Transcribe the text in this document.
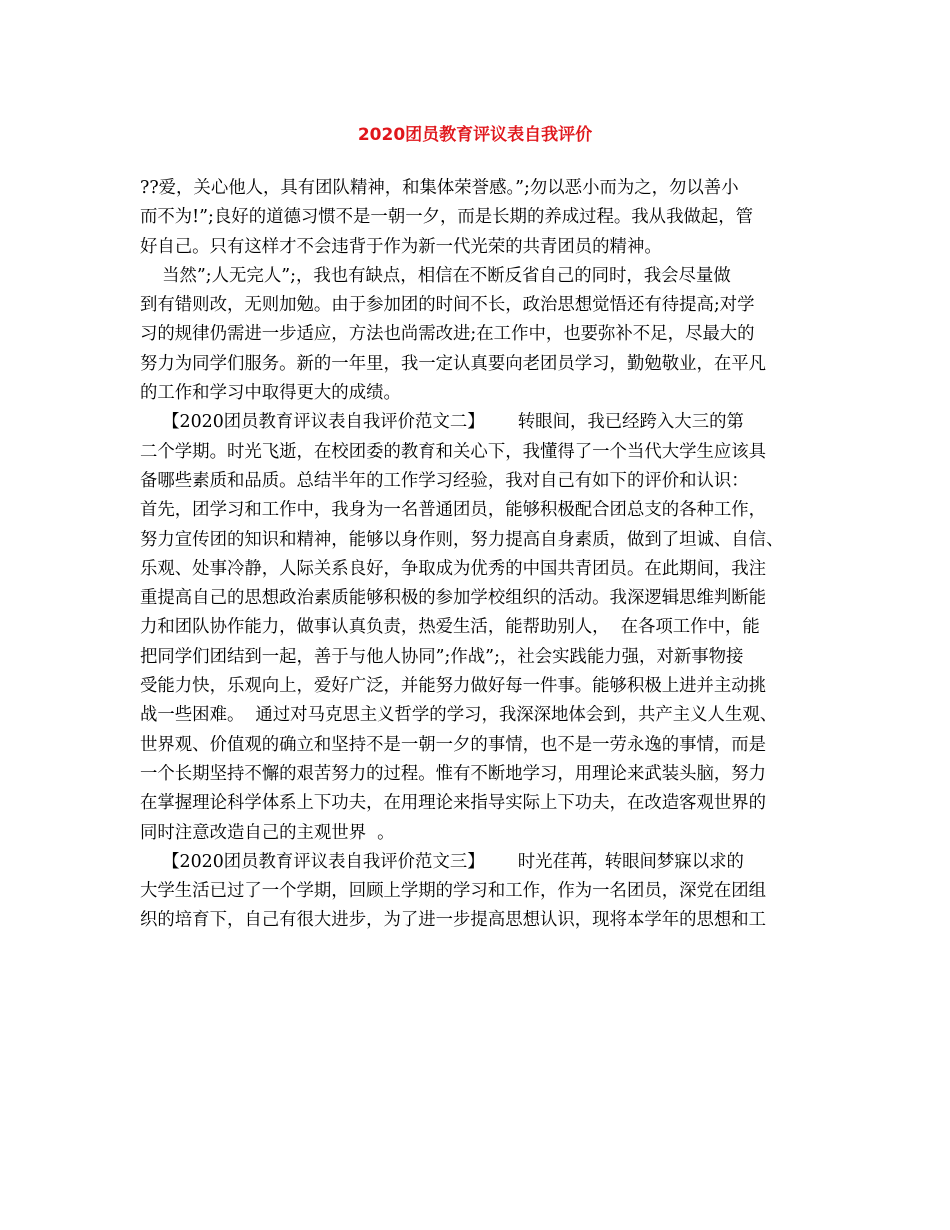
2020团员教育评议表自我评价
??爱，关心他人，具有团队精神，和集体荣誉感。”;勿以恶小而为之，勿以善小
而不为!”;良好的道德习惯不是一朝一夕，而是长期的养成过程。我从我做起，管
好自己。只有这样才不会违背于作为新一代光荣的共青团员的精神。
当然”;人无完人”;，我也有缺点，相信在不断反省自己的同时，我会尽量做
到有错则改，无则加勉。由于参加团的时间不长，政治思想觉悟还有待提高;对学
习的规律仍需进一步适应，方法也尚需改进;在工作中，也要弥补不足，尽最大的
努力为同学们服务。新的一年里，我一定认真要向老团员学习，勤勉敬业，在平凡
的工作和学习中取得更大的成绩。
【2020团员教育评议表自我评价范文二】      转眼间，我已经跨入大三的第
二个学期。时光飞逝，在校团委的教育和关心下，我懂得了一个当代大学生应该具
备哪些素质和品质。总结半年的工作学习经验，我对自己有如下的评价和认识：
首先，团学习和工作中，我身为一名普通团员，能够积极配合团总支的各种工作，
努力宣传团的知识和精神，能够以身作则，努力提高自身素质，做到了坦诚、自信、
乐观、处事冷静，人际关系良好，争取成为优秀的中国共青团员。在此期间，我注
重提高自己的思想政治素质能够积极的参加学校组织的活动。我深逻辑思维判断能
力和团队协作能力，做事认真负责，热爱生活，能帮助别人，  在各项工作中，能
把同学们团结到一起，善于与他人协同”;作战”;，社会实践能力强，对新事物接
受能力快，乐观向上，爱好广泛，并能努力做好每一件事。能够积极上进并主动挑
战一些困难。  通过对马克思主义哲学的学习，我深深地体会到，共产主义人生观、
世界观、价值观的确立和坚持不是一朝一夕的事情，也不是一劳永逸的事情，而是
一个长期坚持不懈的艰苦努力的过程。惟有不断地学习，用理论来武装头脑，努力
在掌握理论科学体系上下功夫，在用理论来指导实际上下功夫，在改造客观世界的
同时注意改造自己的主观世界  。
【2020团员教育评议表自我评价范文三】      时光荏苒，转眼间梦寐以求的
大学生活已过了一个学期，回顾上学期的学习和工作，作为一名团员，深党在团组
织的培育下，自己有很大进步，为了进一步提高思想认识，现将本学年的思想和工
